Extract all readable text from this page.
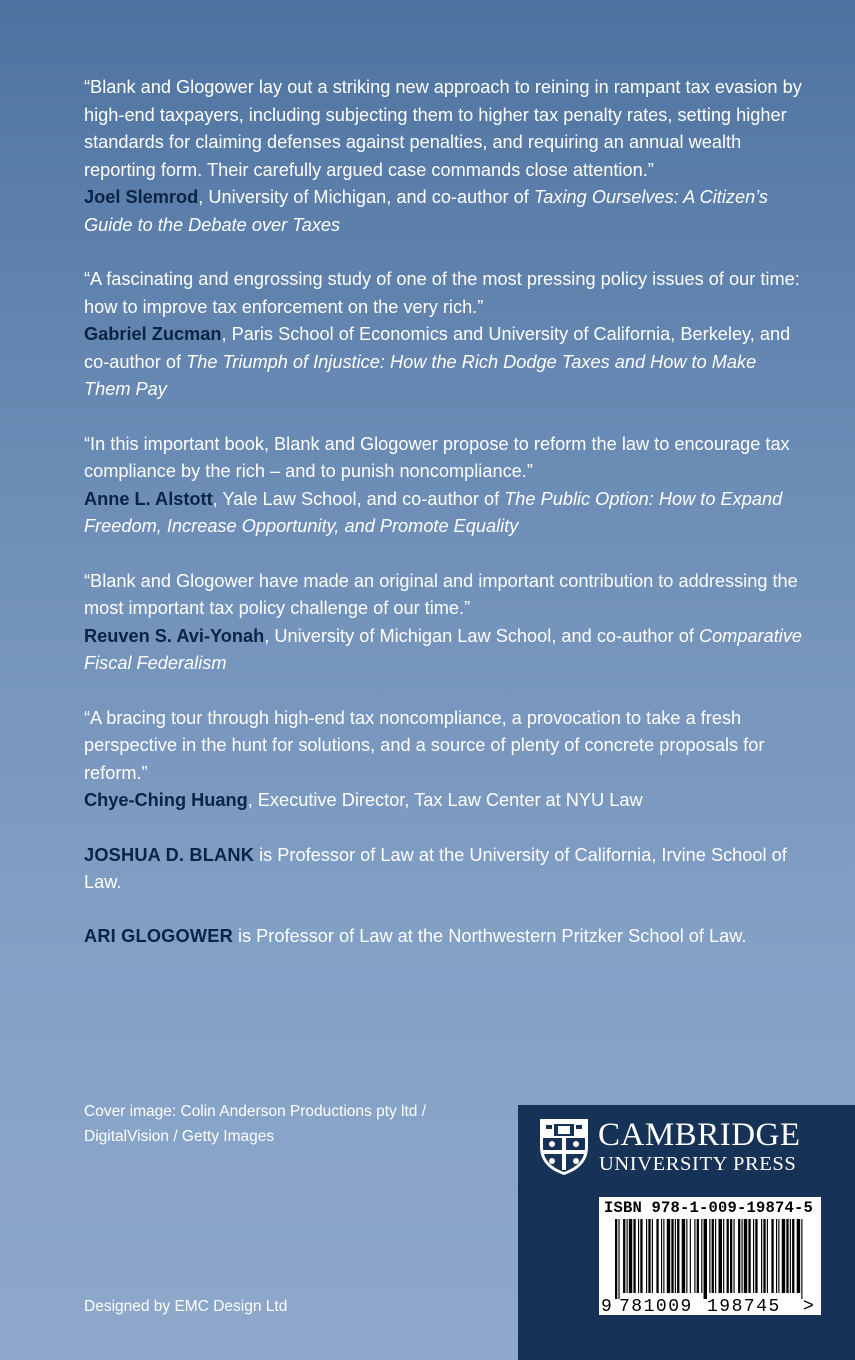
“Blank and Glogower lay out a striking new approach to reining in rampant tax evasion by high-end taxpayers, including subjecting them to higher tax penalty rates, setting higher standards for claiming defenses against penalties, and requiring an annual wealth reporting form. Their carefully argued case commands close attention.”

Joel Slemrod, University of Michigan, and co-author of Taxing Ourselves: A Citizen’s Guide to the Debate over Taxes

“A fascinating and engrossing study of one of the most pressing policy issues of our time: how to improve tax enforcement on the very rich.”

Gabriel Zucman, Paris School of Economics and University of California, Berkeley, and co-author of The Triumph of Injustice: How the Rich Dodge Taxes and How to Make Them Pay

“In this important book, Blank and Glogower propose to reform the law to encourage tax compliance by the rich – and to punish noncompliance.”

Anne L. Alstott, Yale Law School, and co-author of The Public Option: How to Expand Freedom, Increase Opportunity, and Promote Equality

“Blank and Glogower have made an original and important contribution to addressing the most important tax policy challenge of our time.”

Reuven S. Avi-Yonah, University of Michigan Law School, and co-author of Comparative Fiscal Federalism

“A bracing tour through high-end tax noncompliance, a provocation to take a fresh perspective in the hunt for solutions, and a source of plenty of concrete proposals for reform.”

Chye-Ching Huang, Executive Director, Tax Law Center at NYU Law

JOSHUA D. BLANK is Professor of Law at the University of California, Irvine School of Law.

ARI GLOGOWER is Professor of Law at the Northwestern Pritzker School of Law.

Cover image: Colin Anderson Productions pty ltd / DigitalVision / Getty Images
Designed by EMC Design Ltd
CAMBRIDGE
UNIVERSITY PRESS
ISBN 978-1-009-19874-5
9 781009 198745 >
